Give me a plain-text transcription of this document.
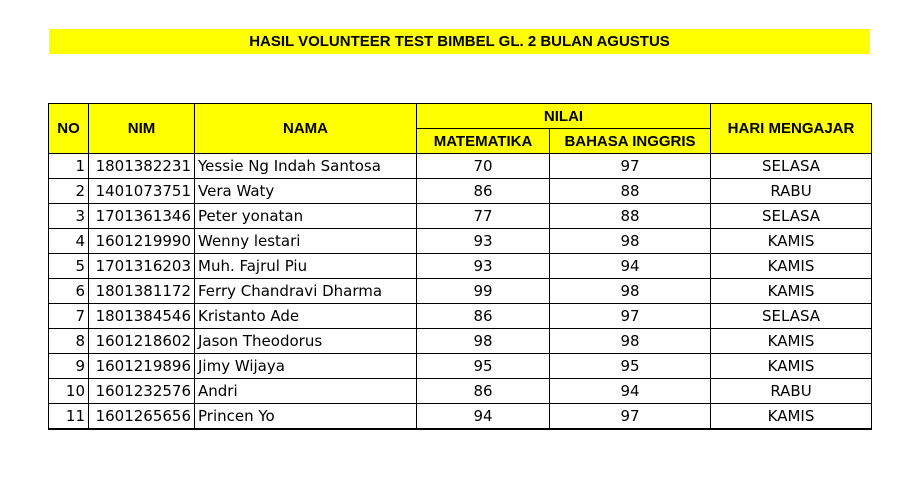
HASIL VOLUNTEER TEST BIMBEL GL. 2 BULAN AGUSTUS
NO	NIM	NAMA	NILAI		HARI MENGAJAR
			MATEMATIKA	BAHASA INGGRIS	
1	1801382231	Yessie Ng Indah Santosa	70	97	SELASA
2	1401073751	Vera Waty	86	88	RABU
3	1701361346	Peter yonatan	77	88	SELASA
4	1601219990	Wenny lestari	93	98	KAMIS
5	1701316203	Muh. Fajrul Piu	93	94	KAMIS
6	1801381172	Ferry Chandravi Dharma	99	98	KAMIS
7	1801384546	Kristanto Ade	86	97	SELASA
8	1601218602	Jason Theodorus	98	98	KAMIS
9	1601219896	Jimy Wijaya	95	95	KAMIS
10	1601232576	Andri	86	94	RABU
11	1601265656	Princen Yo	94	97	KAMIS
